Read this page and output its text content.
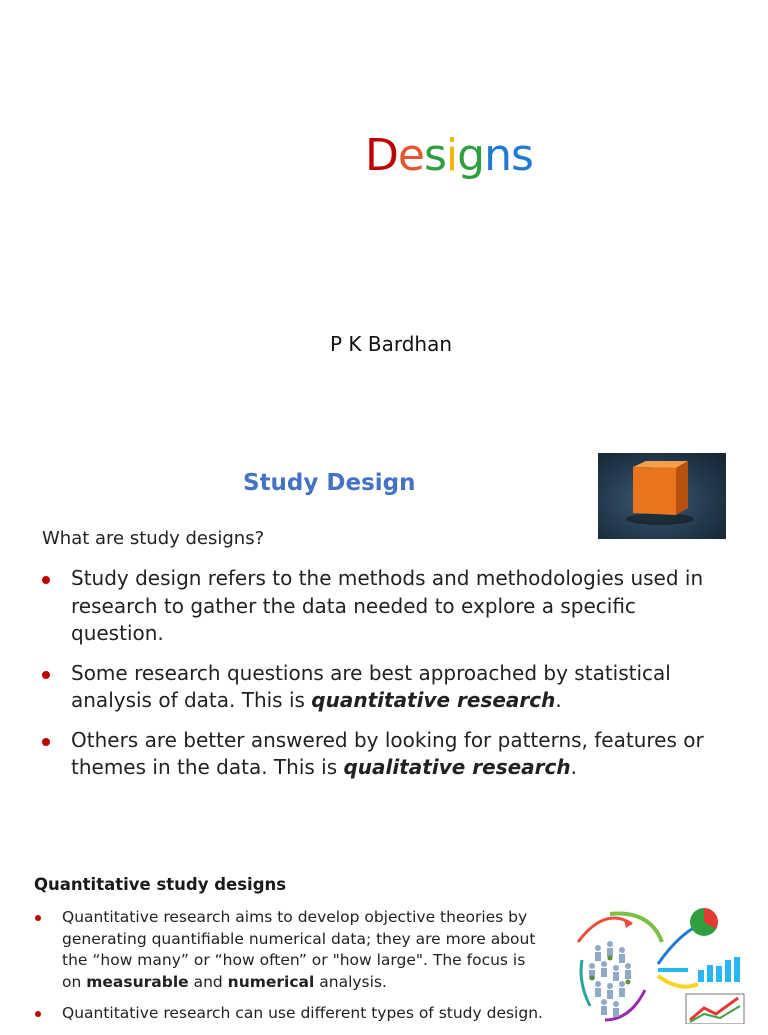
Designs
P K Bardhan
Study Design
What are study designs?
Study design refers to the methods and methodologies used in research to gather the data needed to explore a specific question.
Some research questions are best approached by statistical analysis of data. This is quantitative research.
Others are better answered by looking for patterns, features or themes in the data. This is qualitative research.
Quantitative study designs
Quantitative research aims to develop objective theories by generating quantifiable numerical data; they are more about the “how many” or “how often” or "how large". The focus is on measurable and numerical analysis.
Quantitative research can use different types of study design.
